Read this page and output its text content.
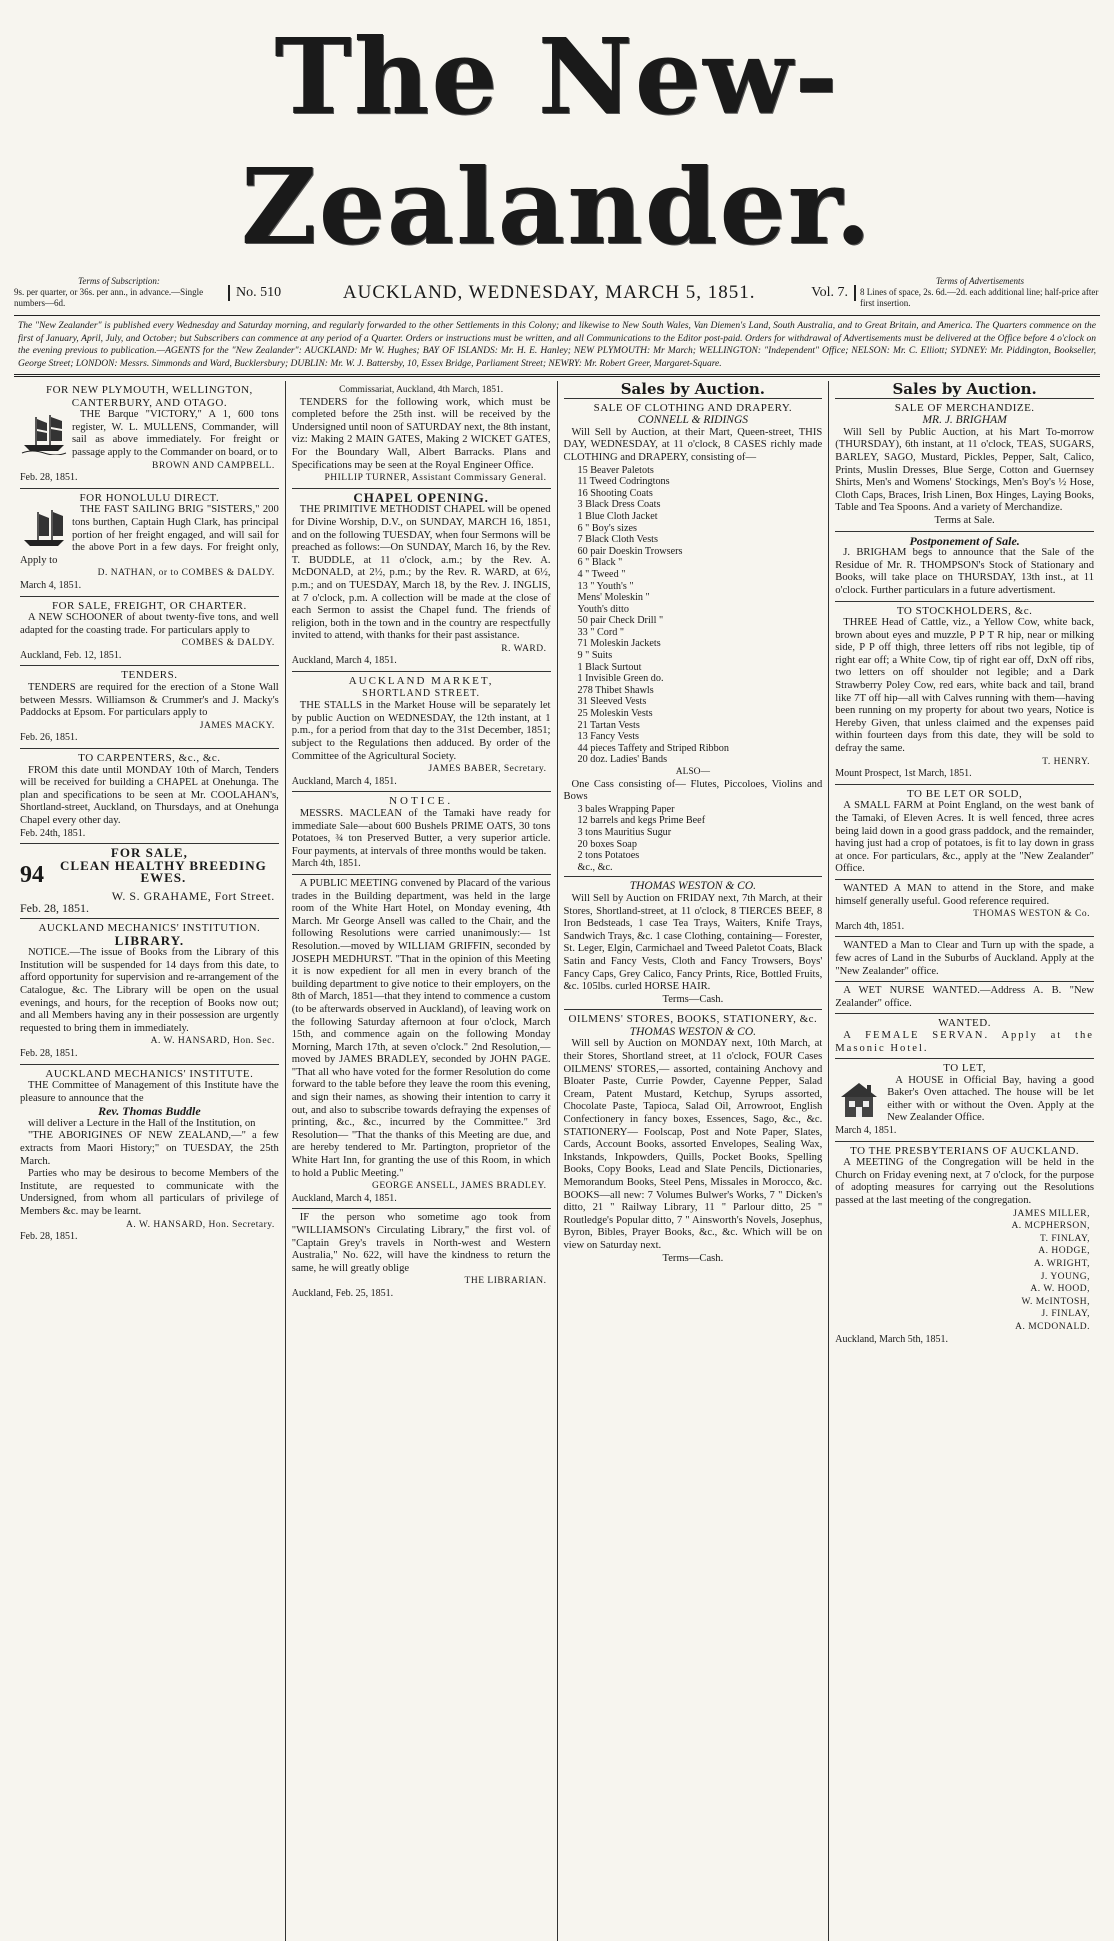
The New-Zealander.
Terms of Subscription:
9s. per quarter, or 36s. per ann., in advance.—Single numbers—6d.
No. 510	AUCKLAND, WEDNESDAY, MARCH 5, 1851.	Vol. 7.
Terms of Advertisements
8 Lines of space, 2s. 6d.—2d. each additional line; half-price after first insertion.
The "New Zealander" is published every Wednesday and Saturday morning, and regularly forwarded to the other Settlements in this Colony; and likewise to New South Wales, Van Diemen's Land, South Australia, and to Great Britain, and America. The Quarters commence on the first of January, April, July, and October; but Subscribers can commence at any period of a Quarter. Orders or instructions must be written, and all Communications to the Editor post-paid. Orders for withdrawal of Advertisements must be delivered at the Office before 4 o'clock on the evening previous to publication.—AGENTS for the "New Zealander": AUCKLAND: Mr W. Hughes; BAY OF ISLANDS: Mr. H. E. Hanley; NEW PLYMOUTH: Mr March; WELLINGTON: "Independent" Office; NELSON: Mr. C. Elliott; SYDNEY: Mr. Piddington, Bookseller, George Street; LONDON: Messrs. Simmonds and Ward, Bucklersbury; DUBLIN: Mr. W. J. Battersby, 10, Essex Bridge, Parliament Street; NEWRY: Mr. Robert Greer, Margaret-Square.
FOR NEW PLYMOUTH, WELLINGTON, CANTERBURY, AND OTAGO.
THE Barque "VICTORY," A 1, 600 tons register, W. L. MULLENS, Commander, will sail as above immediately. For freight or passage apply to the Commander on board, or to
BROWN AND CAMPBELL.
Feb. 28, 1851.
FOR HONOLULU DIRECT.
THE FAST SAILING BRIG "SISTERS," 200 tons burthen, Captain Hugh Clark, has principal portion of her freight engaged, and will sail for the above Port in a few days. For freight only, Apply to
D. NATHAN, or to COMBES & DALDY.
March 4, 1851.
FOR SALE, FREIGHT, OR CHARTER.
A NEW SCHOONER of about twenty-five tons, and well adapted for the coasting trade. For particulars apply to
COMBES & DALDY.
Auckland, Feb. 12, 1851.
TENDERS.
TENDERS are required for the erection of a Stone Wall between Messrs. Williamson & Crummer's and J. Macky's Paddocks at Epsom. For particulars apply to
JAMES MACKY.
Feb. 26, 1851.
TO CARPENTERS, &c., &c.
FROM this date until MONDAY 10th of March, Tenders will be received for building a CHAPEL at Onehunga. The plan and specifications to be seen at Mr. COOLAHAN's, Shortland-street, Auckland, on Thursdays, and at Onehunga Chapel every other day.
Feb. 24th, 1851.
FOR SALE,
94	CLEAN HEALTHY BREEDING EWES.
W. S. GRAHAME, Fort Street.
Feb. 28, 1851.
AUCKLAND MECHANICS' INSTITUTION.
LIBRARY.
NOTICE.—The issue of Books from the Library of this Institution will be suspended for 14 days from this date, to afford opportunity for supervision and re-arrangement of the Catalogue, &c. The Library will be open on the usual evenings, and hours, for the reception of Books now out; and all Members having any in their possession are urgently requested to bring them in immediately.
A. W. HANSARD, Hon. Sec.
Feb. 28, 1851.
AUCKLAND MECHANICS' INSTITUTE.
THE Committee of Management of this Institute have the pleasure to announce that the
Rev. Thomas Buddle
will deliver a Lecture in the Hall of the Institution, on
"THE ABORIGINES OF NEW ZEALAND,—" a few extracts from Maori History;" on TUESDAY, the 25th March.
Parties who may be desirous to become Members of the Institute, are requested to communicate with the Undersigned, from whom all particulars of privilege of Members &c. may be learnt.
A. W. HANSARD, Hon. Secretary.
Feb. 28, 1851.
Commissariat, Auckland, 4th March, 1851.
TENDERS for the following work, which must be completed before the 25th inst. will be received by the Undersigned until noon of SATURDAY next, the 8th instant, viz: Making 2 MAIN GATES, Making 2 WICKET GATES, For the Boundary Wall, Albert Barracks. Plans and Specifications may be seen at the Royal Engineer Office.
PHILLIP TURNER, Assistant Commissary General.
CHAPEL OPENING.
THE PRIMITIVE METHODIST CHAPEL will be opened for Divine Worship, D.V., on SUNDAY, MARCH 16, 1851, and on the following TUESDAY, when four Sermons will be preached as follows:—On SUNDAY, March 16, by the Rev. T. BUDDLE, at 11 o'clock, a.m.; by the Rev. A. McDONALD, at 2½, p.m.; by the Rev. R. WARD, at 6½, p.m.; and on TUESDAY, March 18, by the Rev. J. INGLIS, at 7 o'clock, p.m. A collection will be made at the close of each Sermon to assist the Chapel fund. The friends of religion, both in the town and in the country are respectfully invited to attend, with thanks for their past assistance.
R. WARD.
Auckland, March 4, 1851.
AUCKLAND MARKET,
SHORTLAND STREET.
THE STALLS in the Market House will be separately let by public Auction on WEDNESDAY, the 12th instant, at 1 p.m., for a period from that day to the 31st December, 1851; subject to the Regulations then adduced. By order of the Committee of the Agricultural Society.
JAMES BABER, Secretary.
Auckland, March 4, 1851.
NOTICE.
MESSRS. MACLEAN of the Tamaki have ready for immediate Sale—about 600 Bushels PRIME OATS, 30 tons Potatoes, ¾ ton Preserved Butter, a very superior article. Four payments, at intervals of three months would be taken.
March 4th, 1851.
A PUBLIC MEETING convened by Placard of the various trades in the Building department, was held in the large room of the White Hart Hotel, on Monday evening, 4th March. Mr George Ansell was called to the Chair, and the following Resolutions were carried unanimously:— 1st Resolution.—moved by WILLIAM GRIFFIN, seconded by JOSEPH MEDHURST. "That in the opinion of this Meeting it is now expedient for all men in every branch of the building department to give notice to their employers, on the 8th of March, 1851—that they intend to commence a custom (to be afterwards observed in Auckland), of leaving work on the following Saturday afternoon at four o'clock, March 15th, and commence again on the following Monday Morning, March 17th, at seven o'clock." 2nd Resolution,—moved by JAMES BRADLEY, seconded by JOHN PAGE. "That all who have voted for the former Resolution do come forward to the table before they leave the room this evening, and sign their names, as showing their intention to carry it out, and also to subscribe towards defraying the expenses of printing, &c., &c., incurred by the Committee." 3rd Resolution— "That the thanks of this Meeting are due, and are hereby tendered to Mr. Partington, proprietor of the White Hart Inn, for granting the use of this Room, in which to hold a Public Meeting."
GEORGE ANSELL, JAMES BRADLEY.
Auckland, March 4, 1851.
IF the person who sometime ago took from "WILLIAMSON's Circulating Library," the first vol. of "Captain Grey's travels in North-west and Western Australia," No. 622, will have the kindness to return the same, he will greatly oblige
THE LIBRARIAN.
Auckland, Feb. 25, 1851.
Sales by Auction.
SALE OF CLOTHING AND DRAPERY.
CONNELL & RIDINGS
Will Sell by Auction, at their Mart, Queen-street, THIS DAY, WEDNESDAY, at 11 o'clock, 8 CASES richly made CLOTHING and DRAPERY, consisting of—
15 Beaver Paletots
11 Tweed Codringtons
16 Shooting Coats
3 Black Dress Coats
1 Blue Cloth Jacket
6 " Boy's sizes
7 Black Cloth Vests
60 pair Doeskin Trowsers
6 " Black "
4 " Tweed "
13 " Youth's "
Mens' Moleskin "
Youth's ditto
50 pair Check Drill "
33 " Cord "
71 Moleskin Jackets
9 " Suits
1 Black Surtout
1 Invisible Green do.
278 Thibet Shawls
31 Sleeved Vests
25 Moleskin Vests
21 Tartan Vests
13 Fancy Vests
44 pieces Taffety and Striped Ribbon
20 doz. Ladies' Bands
ALSO—
One Cass consisting of— Flutes, Piccoloes, Violins and Bows
3 bales Wrapping Paper
12 barrels and kegs Prime Beef
3 tons Mauritius Sugur
20 boxes Soap
2 tons Potatoes
&c., &c.
THOMAS WESTON & CO.
Will Sell by Auction on FRIDAY next, 7th March, at their Stores, Shortland-street, at 11 o'clock, 8 TIERCES BEEF, 8 Iron Bedsteads, 1 case Tea Trays, Waiters, Knife Trays, Sandwich Trays, &c. 1 case Clothing, containing— Forester, St. Leger, Elgin, Carmichael and Tweed Paletot Coats, Black Satin and Fancy Vests, Cloth and Fancy Trowsers, Boys' Fancy Caps, Grey Calico, Fancy Prints, Rice, Bottled Fruits, &c. 105lbs. curled HORSE HAIR.
Terms—Cash.
OILMENS' STORES, BOOKS, STATIONERY, &c.
THOMAS WESTON & CO.
Will sell by Auction on MONDAY next, 10th March, at their Stores, Shortland street, at 11 o'clock, FOUR Cases OILMENS' STORES,— assorted, containing Anchovy and Bloater Paste, Currie Powder, Cayenne Pepper, Salad Cream, Patent Mustard, Ketchup, Syrups assorted, Chocolate Paste, Tapioca, Salad Oil, Arrowroot, English Confectionery in fancy boxes, Essences, Sago, &c., &c. STATIONERY— Foolscap, Post and Note Paper, Slates, Cards, Account Books, assorted Envelopes, Sealing Wax, Inkstands, Inkpowders, Quills, Pocket Books, Spelling Books, Copy Books, Lead and Slate Pencils, Dictionaries, Memorandum Books, Steel Pens, Missales in Morocco, &c. BOOKS—all new: 7 Volumes Bulwer's Works, 7 " Dicken's ditto, 21 " Railway Library, 11 " Parlour ditto, 25 " Routledge's Popular ditto, 7 " Ainsworth's Novels, Josephus, Byron, Bibles, Prayer Books, &c., &c. Which will be on view on Saturday next.
Terms—Cash.
Sales by Auction.
SALE OF MERCHANDIZE.
MR. J. BRIGHAM
Will Sell by Public Auction, at his Mart To-morrow (THURSDAY), 6th instant, at 11 o'clock, TEAS, SUGARS, BARLEY, SAGO, Mustard, Pickles, Pepper, Salt, Calico, Prints, Muslin Dresses, Blue Serge, Cotton and Guernsey Shirts, Men's and Womens' Stockings, Men's Boy's ½ Hose, Cloth Caps, Braces, Irish Linen, Box Hinges, Laying Books, Table and Tea Spoons. And a variety of Merchandize.
Terms at Sale.
Postponement of Sale.
J. BRIGHAM begs to announce that the Sale of the Residue of Mr. R. THOMPSON's Stock of Stationary and Books, will take place on THURSDAY, 13th inst., at 11 o'clock. Further particulars in a future advertisment.
TO STOCKHOLDERS, &c.
THREE Head of Cattle, viz., a Yellow Cow, white back, brown about eyes and muzzle, P P T R hip, near or milking side, P P off thigh, three letters off ribs not legible, tip of right ear off; a White Cow, tip of right ear off, DxN off ribs, two letters on off shoulder not legible; and a Dark Strawberry Poley Cow, red ears, white back and tail, brand like 7T off hip—all with Calves running with them—having been running on my property for about two years, Notice is Hereby Given, that unless claimed and the expenses paid within fourteen days from this date, they will be sold to defray the same.
T. HENRY.
Mount Prospect, 1st March, 1851.
TO BE LET OR SOLD,
A SMALL FARM at Point England, on the west bank of the Tamaki, of Eleven Acres. It is well fenced, three acres being laid down in a good grass paddock, and the remainder, having just had a crop of potatoes, is fit to lay down in grass at once. For particulars, &c., apply at the "New Zealander" Office.
WANTED A MAN to attend in the Store, and make himself generally useful. Good reference required.
THOMAS WESTON & Co.
March 4th, 1851.
WANTED a Man to Clear and Turn up with the spade, a few acres of Land in the Suburbs of Auckland. Apply at the "New Zealander" office.
A WET NURSE WANTED.—Address A. B. "New Zealander" office.
WANTED.
A FEMALE SERVAN. Apply at the Masonic Hotel.
TO LET,
A HOUSE in Official Bay, having a good Baker's Oven attached. The house will be let either with or without the Oven. Apply at the New Zealander Office.
March 4, 1851.
TO THE PRESBYTERIANS OF AUCKLAND.
A MEETING of the Congregation will be held in the Church on Friday evening next, at 7 o'clock, for the purpose of adopting measures for carrying out the Resolutions passed at the last meeting of the congregation.
JAMES MILLER,
A. MCPHERSON,
T. FINLAY,
A. HODGE,
A. WRIGHT,
J. YOUNG,
A. W. HOOD,
W. McINTOSH,
J. FINLAY,
A. MCDONALD.
Auckland, March 5th, 1851.
